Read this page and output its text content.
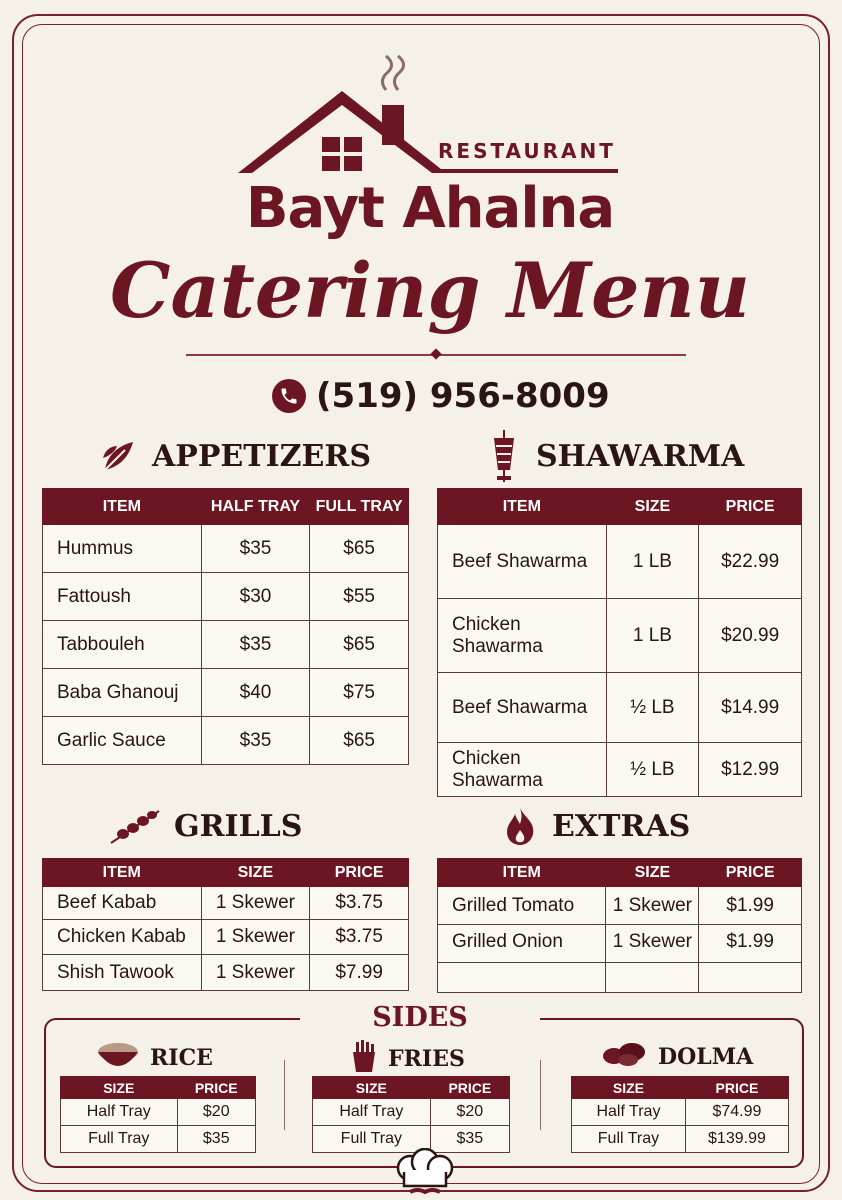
RESTAURANT
Bayt Ahalna
Catering Menu
(519) 956-8009
APPETIZERS
ITEM	HALF TRAY	FULL TRAY
Hummus	$35	$65
Fattoush	$30	$55
Tabbouleh	$35	$65
Baba Ghanouj	$40	$75
Garlic Sauce	$35	$65
SHAWARMA
ITEM	SIZE	PRICE
Beef Shawarma	1 LB	$22.99
Chicken Shawarma	1 LB	$20.99
Beef Shawarma	½ LB	$14.99
Chicken Shawarma	½ LB	$12.99
GRILLS
ITEM	SIZE	PRICE
Beef Kabab	1 Skewer	$3.75
Chicken Kabab	1 Skewer	$3.75
Shish Tawook	1 Skewer	$7.99
EXTRAS
ITEM	SIZE	PRICE
Grilled Tomato	1 Skewer	$1.99
Grilled Onion	1 Skewer	$1.99

SIDES
RICE	FRIES	DOLMA
SIZE	PRICE
Half Tray	$20
Full Tray	$35
SIZE	PRICE
Half Tray	$20
Full Tray	$35
SIZE	PRICE
Half Tray	$74.99
Full Tray	$139.99
